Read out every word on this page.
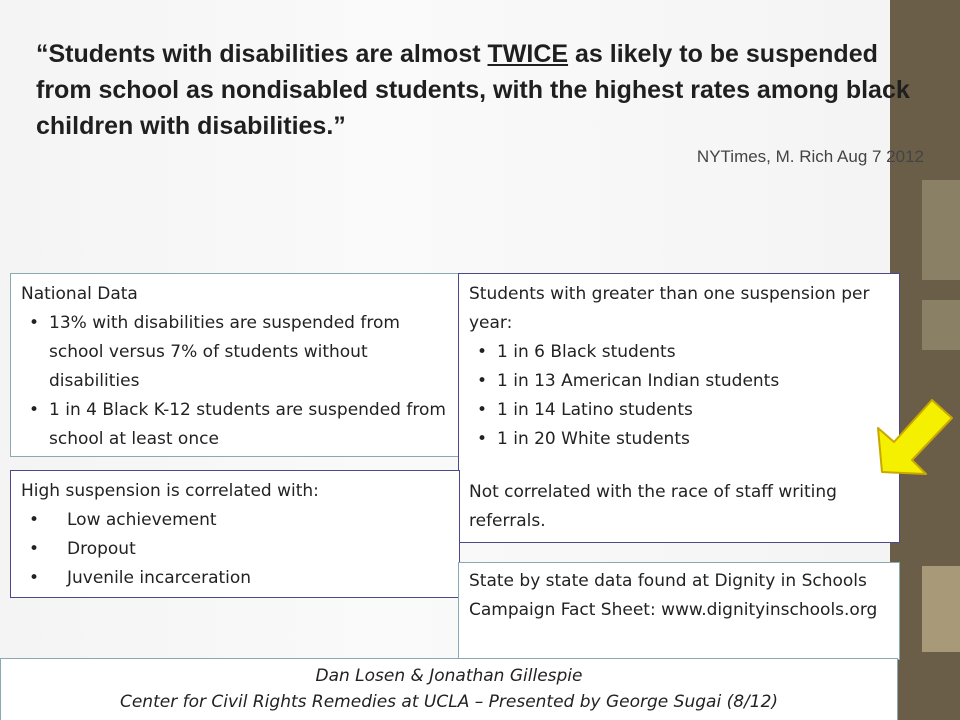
“Students with disabilities are almost TWICE as likely to be suspended from school as nondisabled students, with the highest rates among black children with disabilities.”
NYTimes, M. Rich Aug 7 2012
National Data
• 13% with disabilities are suspended from school versus 7% of students without disabilities
• 1 in 4 Black K-12 students are suspended from school at least once
Students with greater than one suspension per year:
• 1 in 6 Black students
• 1 in 13 American Indian students
• 1 in 14 Latino students
• 1 in 20 White students
Not correlated with the race of staff writing referrals.
High suspension is correlated with:
• Low achievement
• Dropout
• Juvenile incarceration	State by state data found at Dignity in Schools Campaign Fact Sheet: www.dignityinschools.org
Dan Losen & Jonathan Gillespie
Center for Civil Rights Remedies at UCLA – Presented by George Sugai (8/12)
